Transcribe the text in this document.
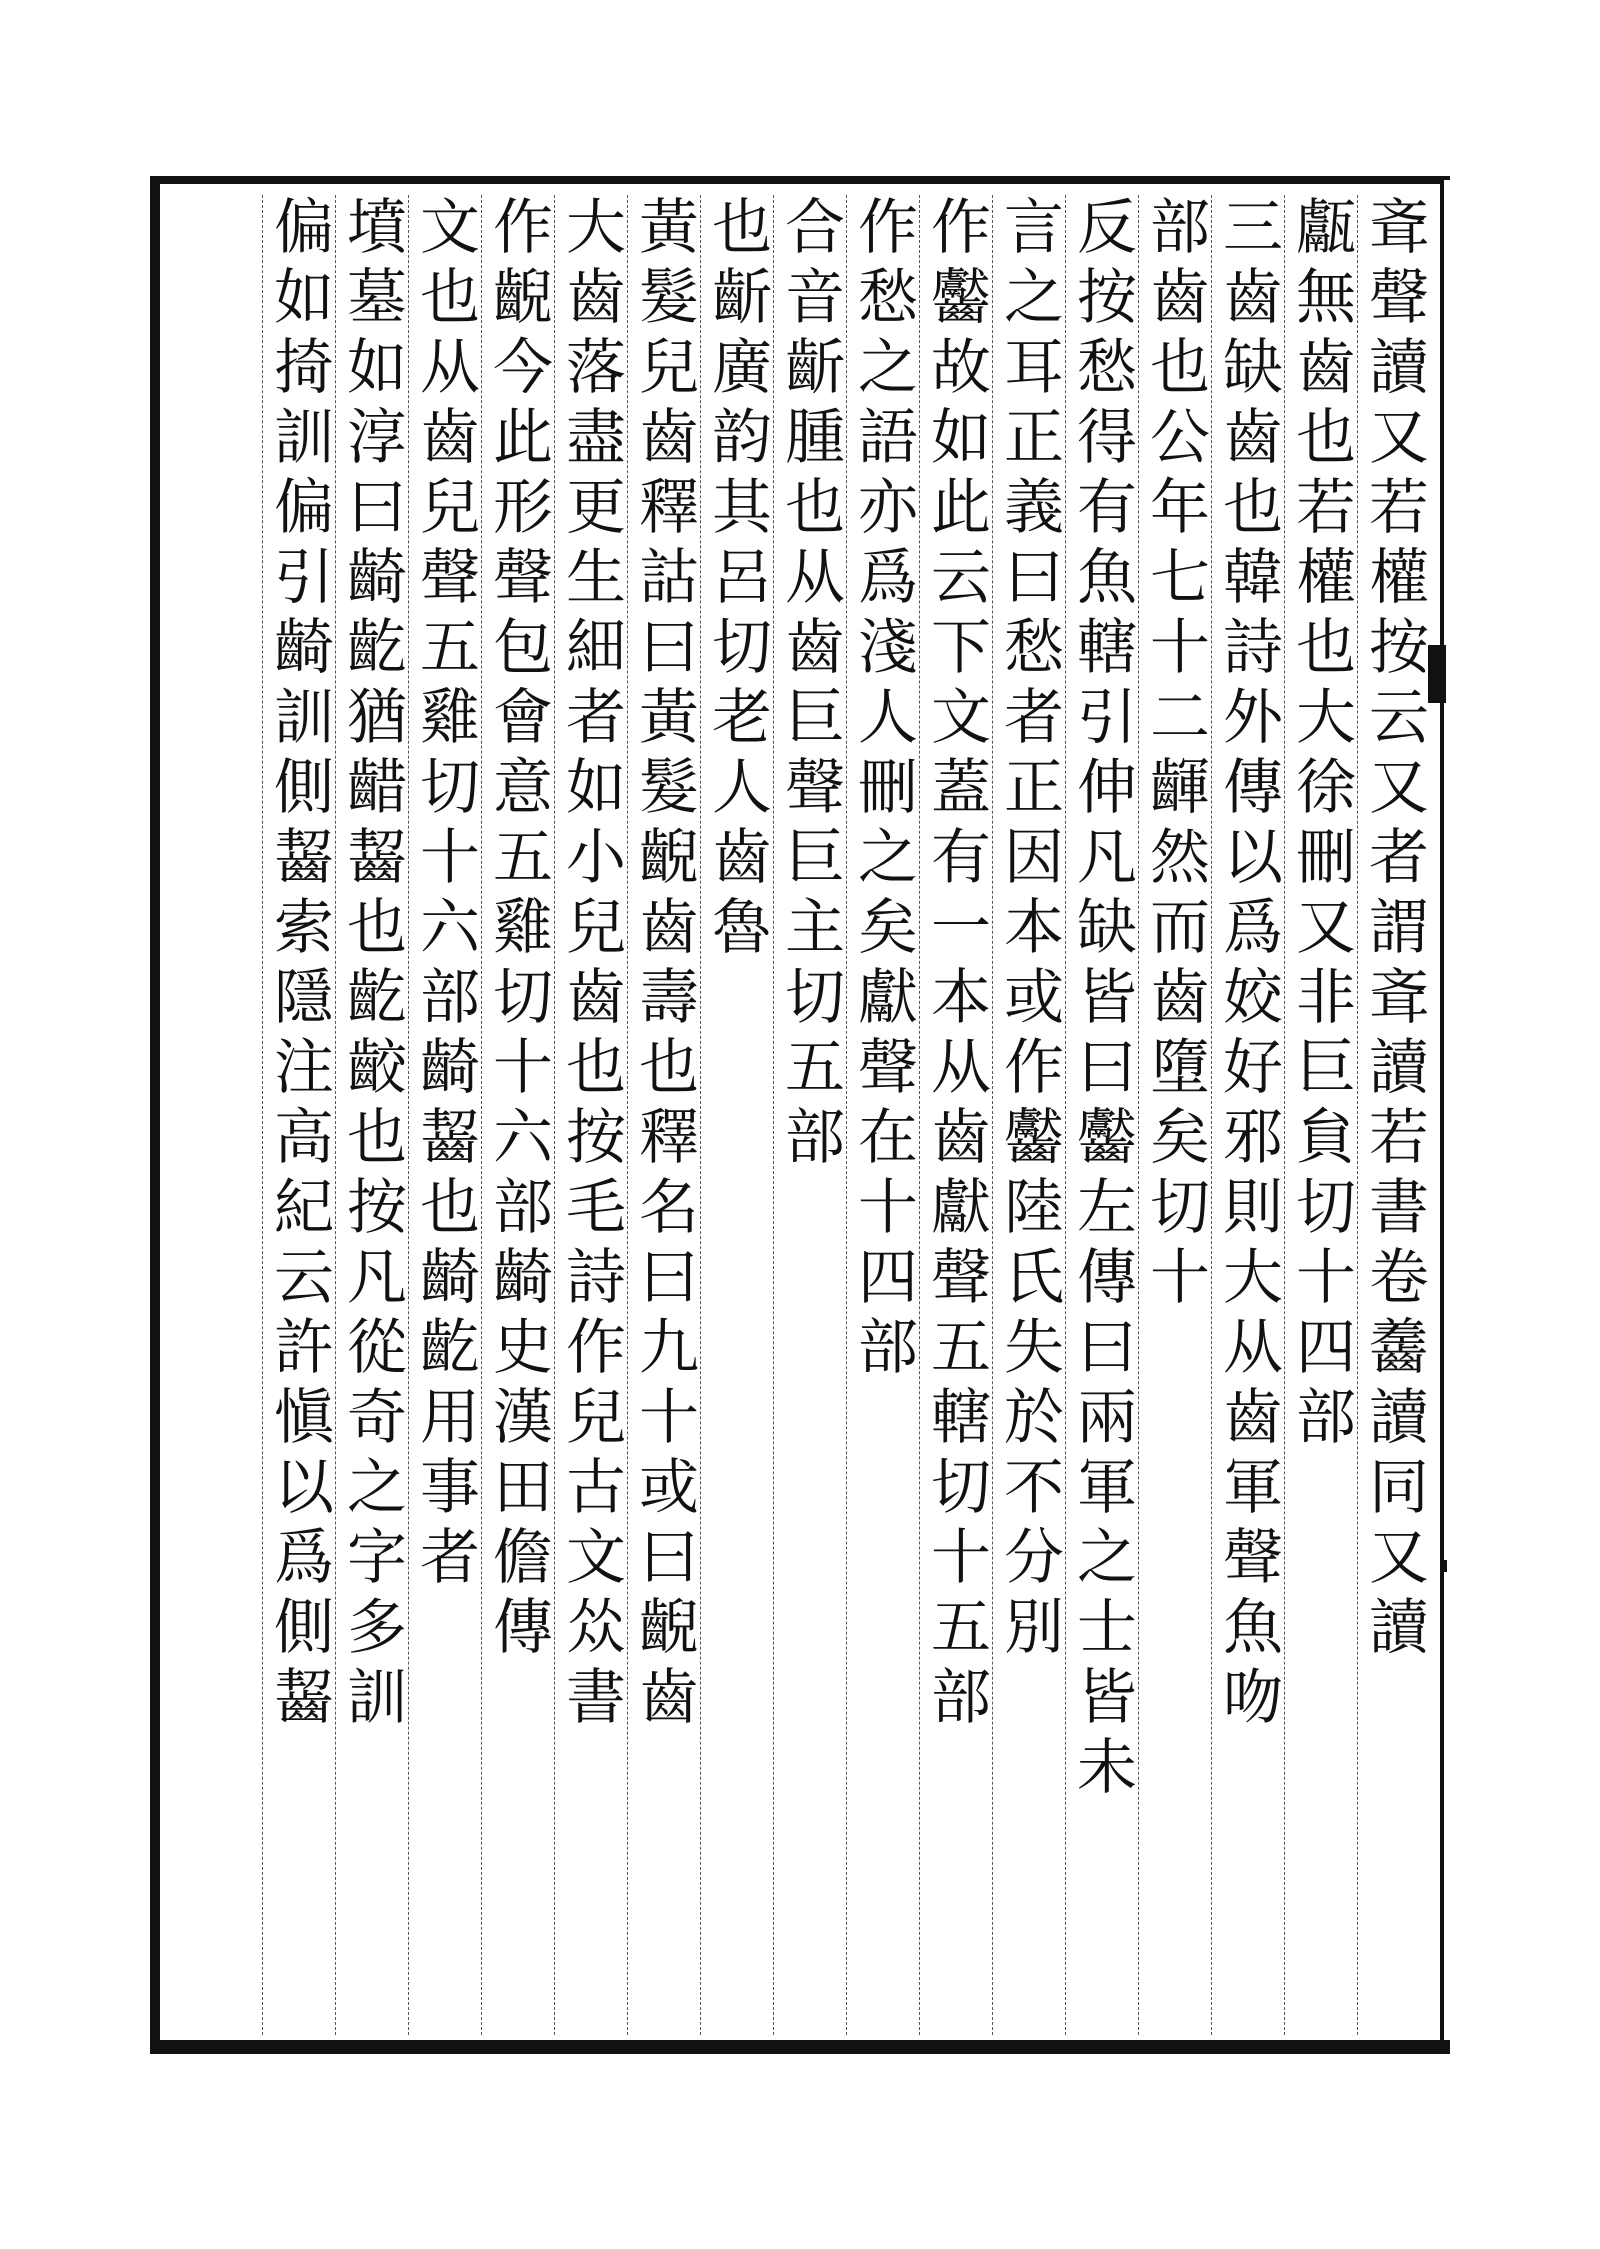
斊聲讀又若權按云又者謂斊讀若書卷齹讀同又讀
甗無齒也若權也大徐刪又非巨貟切十四部
三齒缺齒也韓詩外傳以爲姣好邪則大从齒軍聲魚吻
部齒也公年七十二齳然而齒墮矣切十
反按愁得有魚轄引伸凡缺皆曰齾左傳曰兩軍之士皆未
言之耳正義曰愁者正因本或作齾陸氏失於不分別
作齾故如此云下文蓋有一本从齒獻聲五轄切十五部
作愁之語亦爲淺人刪之矣獻聲在十四部
合音齗腫也从齒巨聲巨主切五部
也齗廣韵其呂切老人齒魯
黃髮兒齒釋詁曰黃髮齯齒壽也釋名曰九十或曰齯齒
大齒落盡更生細者如小兒齒也按毛詩作兒古文𠈌書
作齯今此形聲包會意五雞切十六部齮史漢田儋傳
文也从齒兒聲五雞切十六部齮齧也齮齕用事者
墳墓如淳曰齮齕猶齰齧也齕齩也按凡從奇之字多訓
偏如掎訓偏引齮訓側齧索隱注高紀云許愼以爲側齧
